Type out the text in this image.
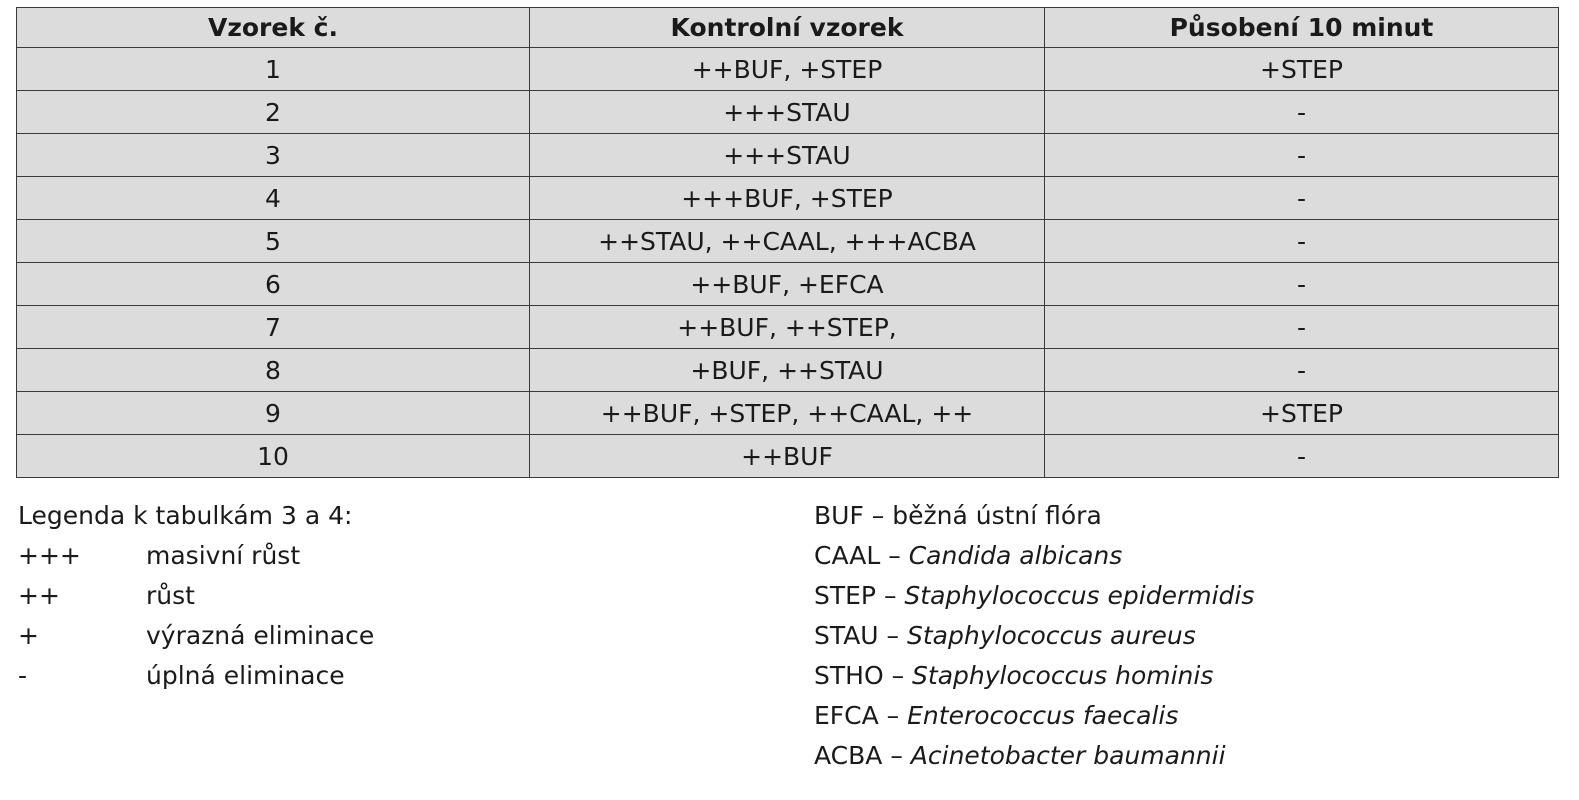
Vzorek č.	Kontrolní vzorek	Působení 10 minut
1	++BUF, +STEP	+STEP
2	+++STAU	-
3	+++STAU	-
4	+++BUF, +STEP	-
5	++STAU, ++CAAL, +++ACBA	-
6	++BUF, +EFCA	-
7	++BUF, ++STEP,	-
8	+BUF, ++STAU	-
9	++BUF, +STEP, ++CAAL, ++	+STEP
10	++BUF	-
Legenda k tabulkám 3 a 4:
+++	masivní růst
++	růst
+	výrazná eliminace
-	úplná eliminace
BUF – běžná ústní flóra
CAAL – Candida albicans
STEP – Staphylococcus epidermidis
STAU – Staphylococcus aureus
STHO – Staphylococcus hominis
EFCA – Enterococcus faecalis
ACBA – Acinetobacter baumannii
